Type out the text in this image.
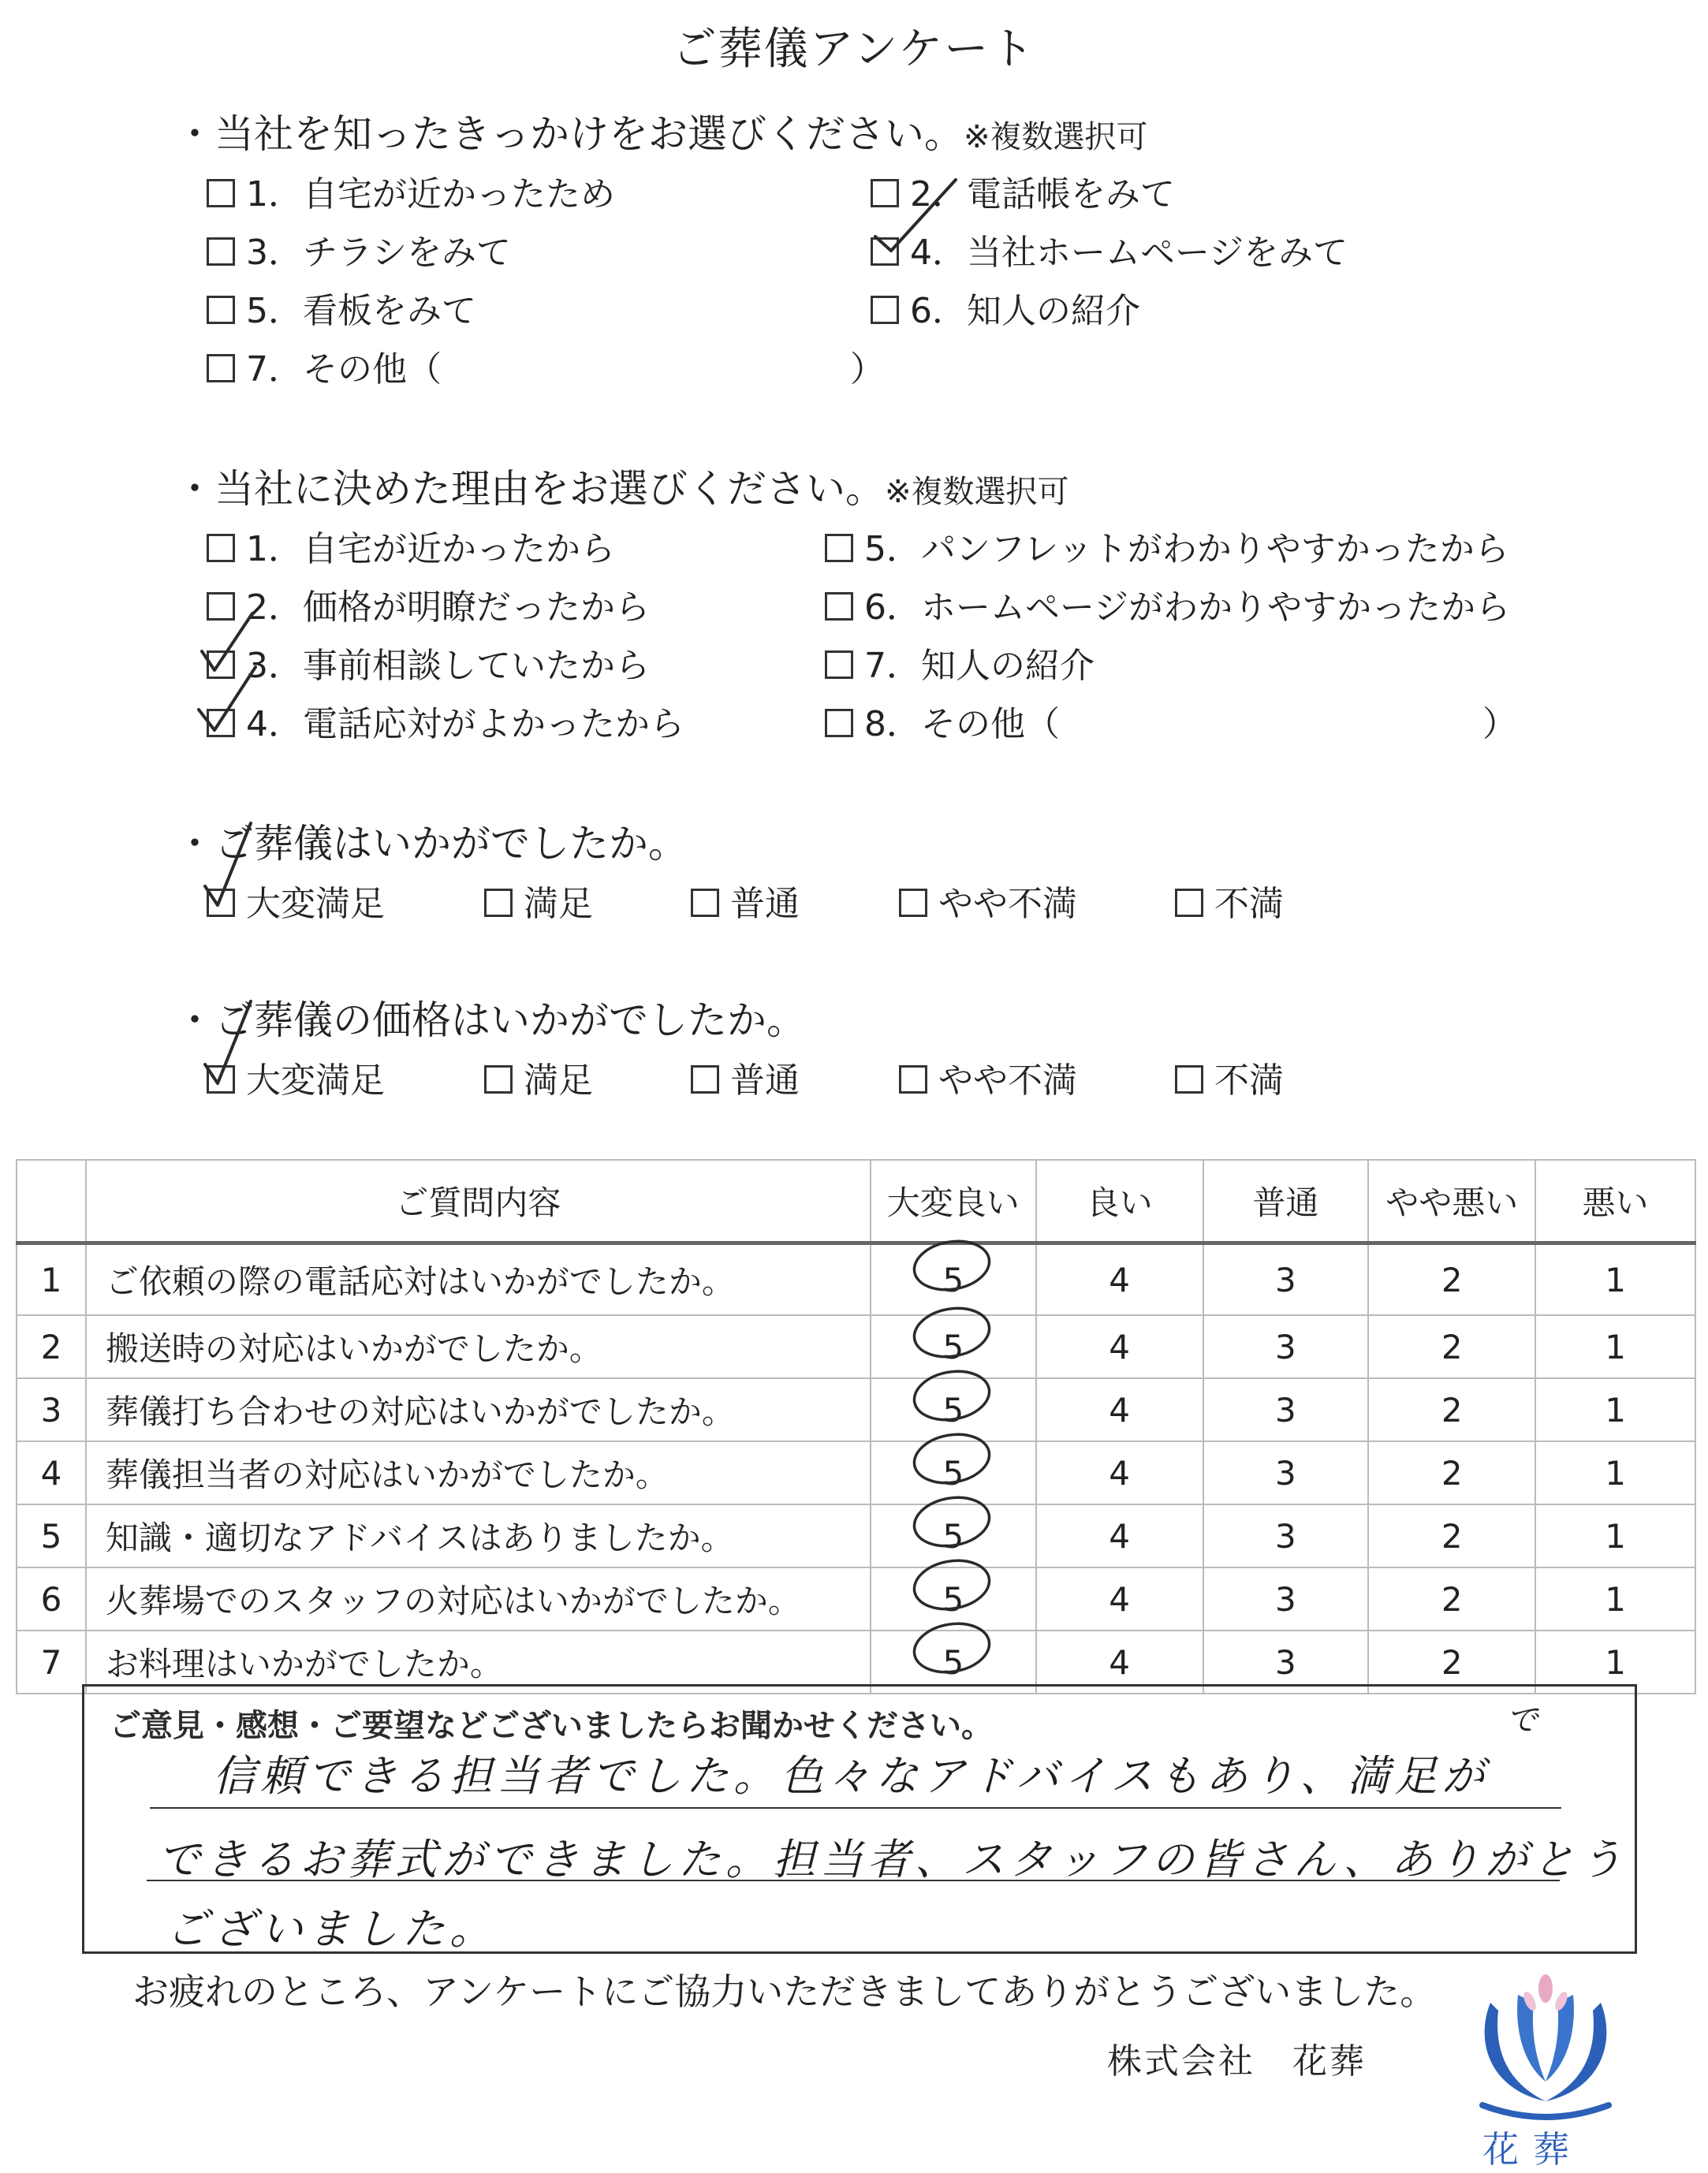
ご葬儀アンケート
・当社を知ったきっかけをお選びください。※複数選択可
1．自宅が近かったため	2．電話帳をみて
3．チラシをみて	4．当社ホームページをみて
5．看板をみて	6．知人の紹介
7．その他（	）
・当社に決めた理由をお選びください。※複数選択可
1．自宅が近かったから	5．パンフレットがわかりやすかったから
2．価格が明瞭だったから	6．ホームページがわかりやすかったから
3．事前相談していたから	7．知人の紹介
4．電話応対がよかったから	8．その他（	）
・ご葬儀はいかがでしたか。
大変満足	満足	普通	やや不満	不満
・ご葬儀の価格はいかがでしたか。
大変満足	満足	普通	やや不満	不満
	ご質問内容	大変良い	良い	普通	やや悪い	悪い
1	ご依頼の際の電話応対はいかがでしたか。	5	4	3	2	1
2	搬送時の対応はいかがでしたか。	5	4	3	2	1
3	葬儀打ち合わせの対応はいかがでしたか。	5	4	3	2	1
4	葬儀担当者の対応はいかがでしたか。	5	4	3	2	1
5	知識・適切なアドバイスはありましたか。	5	4	3	2	1
6	火葬場でのスタッフの対応はいかがでしたか。	5	4	3	2	1
7	お料理はいかがでしたか。	5	4	3	2	1
ご意見・感想・ご要望などございましたらお聞かせください。	で
信頼できる担当者でした。色々なアドバイスもあり、満足が
できるお葬式ができました。担当者、スタッフの皆さん、ありがとう
ございました。
お疲れのところ、アンケートにご協力いただきましてありがとうございました。
株式会社　花葬
花葬
